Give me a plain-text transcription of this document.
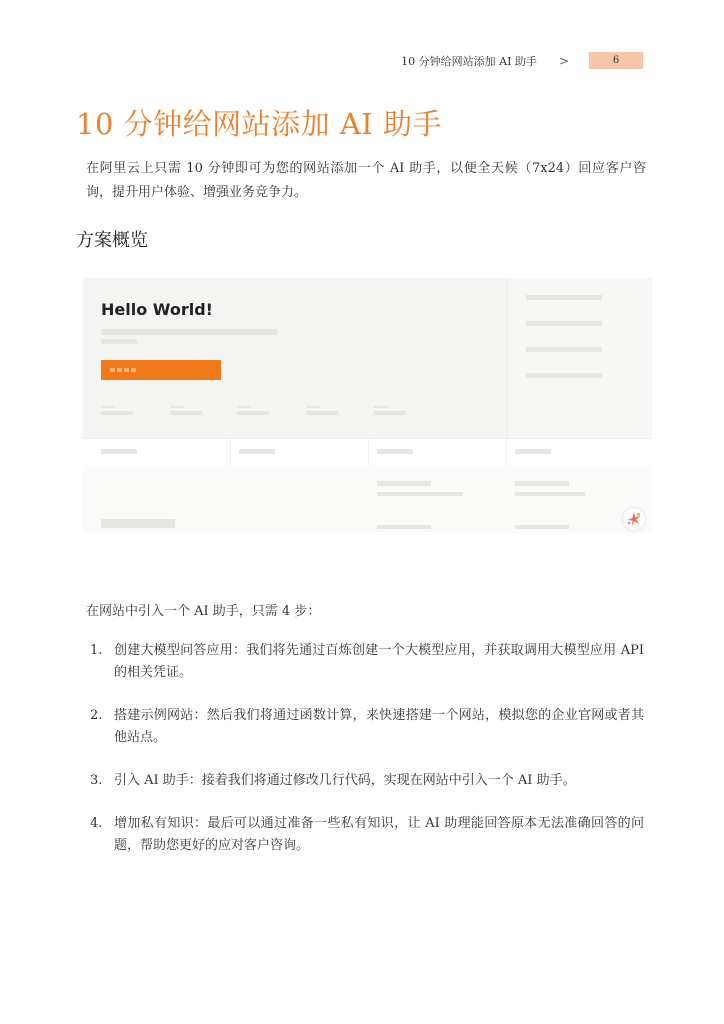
10 分钟给网站添加 AI 助手 >	6
10 分钟给网站添加 AI 助手

在阿里云上只需 10 分钟即可为您的网站添加一个 AI 助手，以便全天候（7x24）回应客户咨询，提升用户体验、增强业务竞争力。

方案概览
Hello World!

在网站中引入一个 AI 助手，只需 4 步：

1. 创建大模型问答应用：我们将先通过百炼创建一个大模型应用，并获取调用大模型应用 API 的相关凭证。
2. 搭建示例网站：然后我们将通过函数计算，来快速搭建一个网站，模拟您的企业官网或者其他站点。
3. 引入 AI 助手：接着我们将通过修改几行代码，实现在网站中引入一个 AI 助手。
4. 增加私有知识：最后可以通过准备一些私有知识，让 AI 助理能回答原本无法准确回答的问题，帮助您更好的应对客户咨询。
